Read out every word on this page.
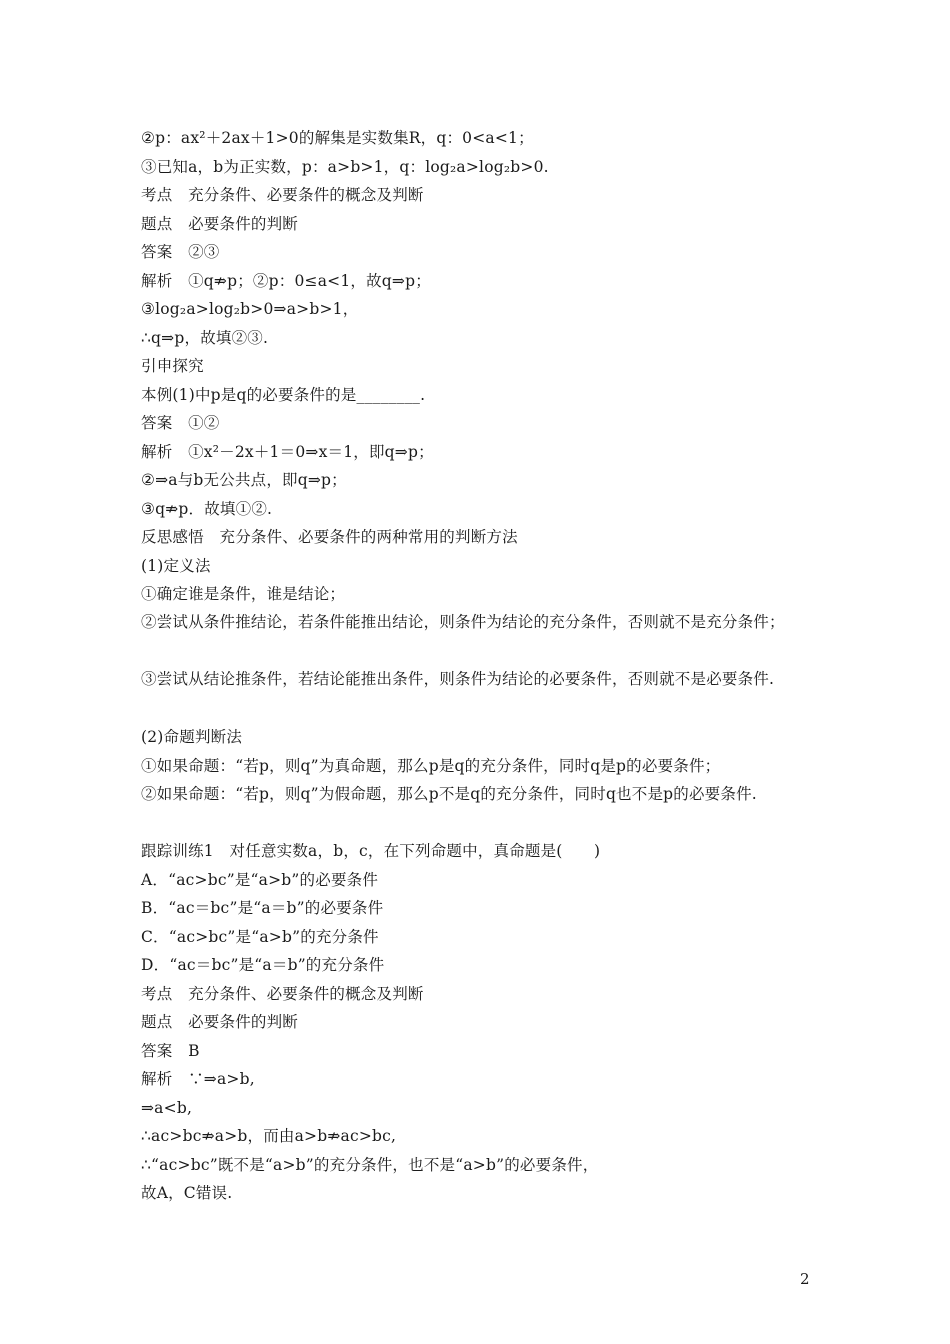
②p：ax²＋2ax＋1>0的解集是实数集R，q：0<a<1；
③已知a，b为正实数，p：a>b>1，q：log₂a>log₂b>0.
考点　充分条件、必要条件的概念及判断
题点　必要条件的判断
答案　②③
解析　①q⇏p；②p：0≤a<1，故q⇒p；
③log₂a>log₂b>0⇒a>b>1，
∴q⇒p，故填②③.
引申探究
本例(1)中p是q的必要条件的是________.
答案　①②
解析　①x²－2x＋1＝0⇒x＝1，即q⇒p；
②⇒a与b无公共点，即q⇒p；
③q⇏p．故填①②.
反思感悟　充分条件、必要条件的两种常用的判断方法
(1)定义法
①确定谁是条件，谁是结论；
②尝试从条件推结论，若条件能推出结论，则条件为结论的充分条件，否则就不是充分条件；
③尝试从结论推条件，若结论能推出条件，则条件为结论的必要条件，否则就不是必要条件.
(2)命题判断法
①如果命题：“若p，则q”为真命题，那么p是q的充分条件，同时q是p的必要条件；
②如果命题：“若p，则q”为假命题，那么p不是q的充分条件，同时q也不是p的必要条件.
跟踪训练1　对任意实数a，b，c，在下列命题中，真命题是(　　)
A．“ac>bc”是“a>b”的必要条件
B．“ac＝bc”是“a＝b”的必要条件
C．“ac>bc”是“a>b”的充分条件
D．“ac＝bc”是“a＝b”的充分条件
考点　充分条件、必要条件的概念及判断
题点　必要条件的判断
答案　B
解析　∵⇒a>b,
⇒a<b,
∴ac>bc⇏a>b，而由a>b⇏ac>bc,
∴“ac>bc”既不是“a>b”的充分条件，也不是“a>b”的必要条件，
故A，C错误.
2
